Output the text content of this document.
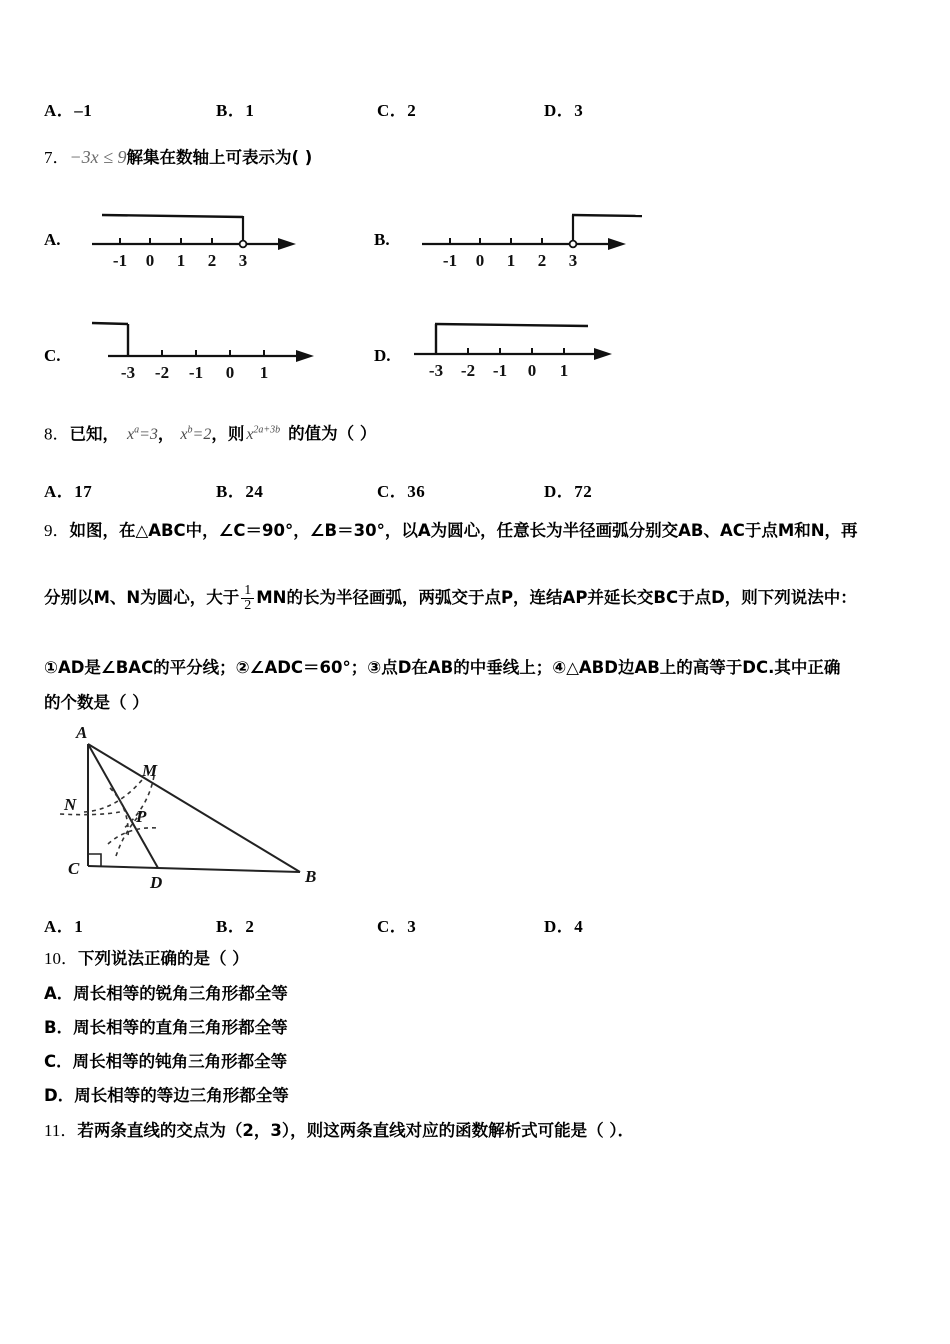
A．–1	B．1	C．2	D．3
7．−3x ≤ 9解集在数轴上可表示为( )
A.
-1 0 1 2 3
B.
-1 0 1 2 3
C.
-3 -2 -1 0 1
D.
-3 -2 -1 0 1
8．已知， $x^a=3$， $x^b=2$，则 $x^{2a+3b}$ 的值为（ ）
A．17	B．24	C．36	D．72
9．如图，在△ABC中，∠C＝90°，∠B＝30°，以A为圆心，任意长为半径画弧分别交AB、AC于点M和N，再
分别以M、N为圆心，大于 $\frac{1}{2}$ MN的长为半径画弧，两弧交于点P，连结AP并延长交BC于点D，则下列说法中：
①AD是∠BAC的平分线；②∠ADC＝60°；③点D在AB的中垂线上；④△ABD边AB上的高等于DC.其中正确
的个数是（ ）
A
B
C
D
M
N
P
A．1	B．2	C．3	D．4
10．下列说法正确的是（ ）
A．周长相等的锐角三角形都全等
B．周长相等的直角三角形都全等
C．周长相等的钝角三角形都全等
D．周长相等的等边三角形都全等
11．若两条直线的交点为（2，3），则这两条直线对应的函数解析式可能是（ ）．
